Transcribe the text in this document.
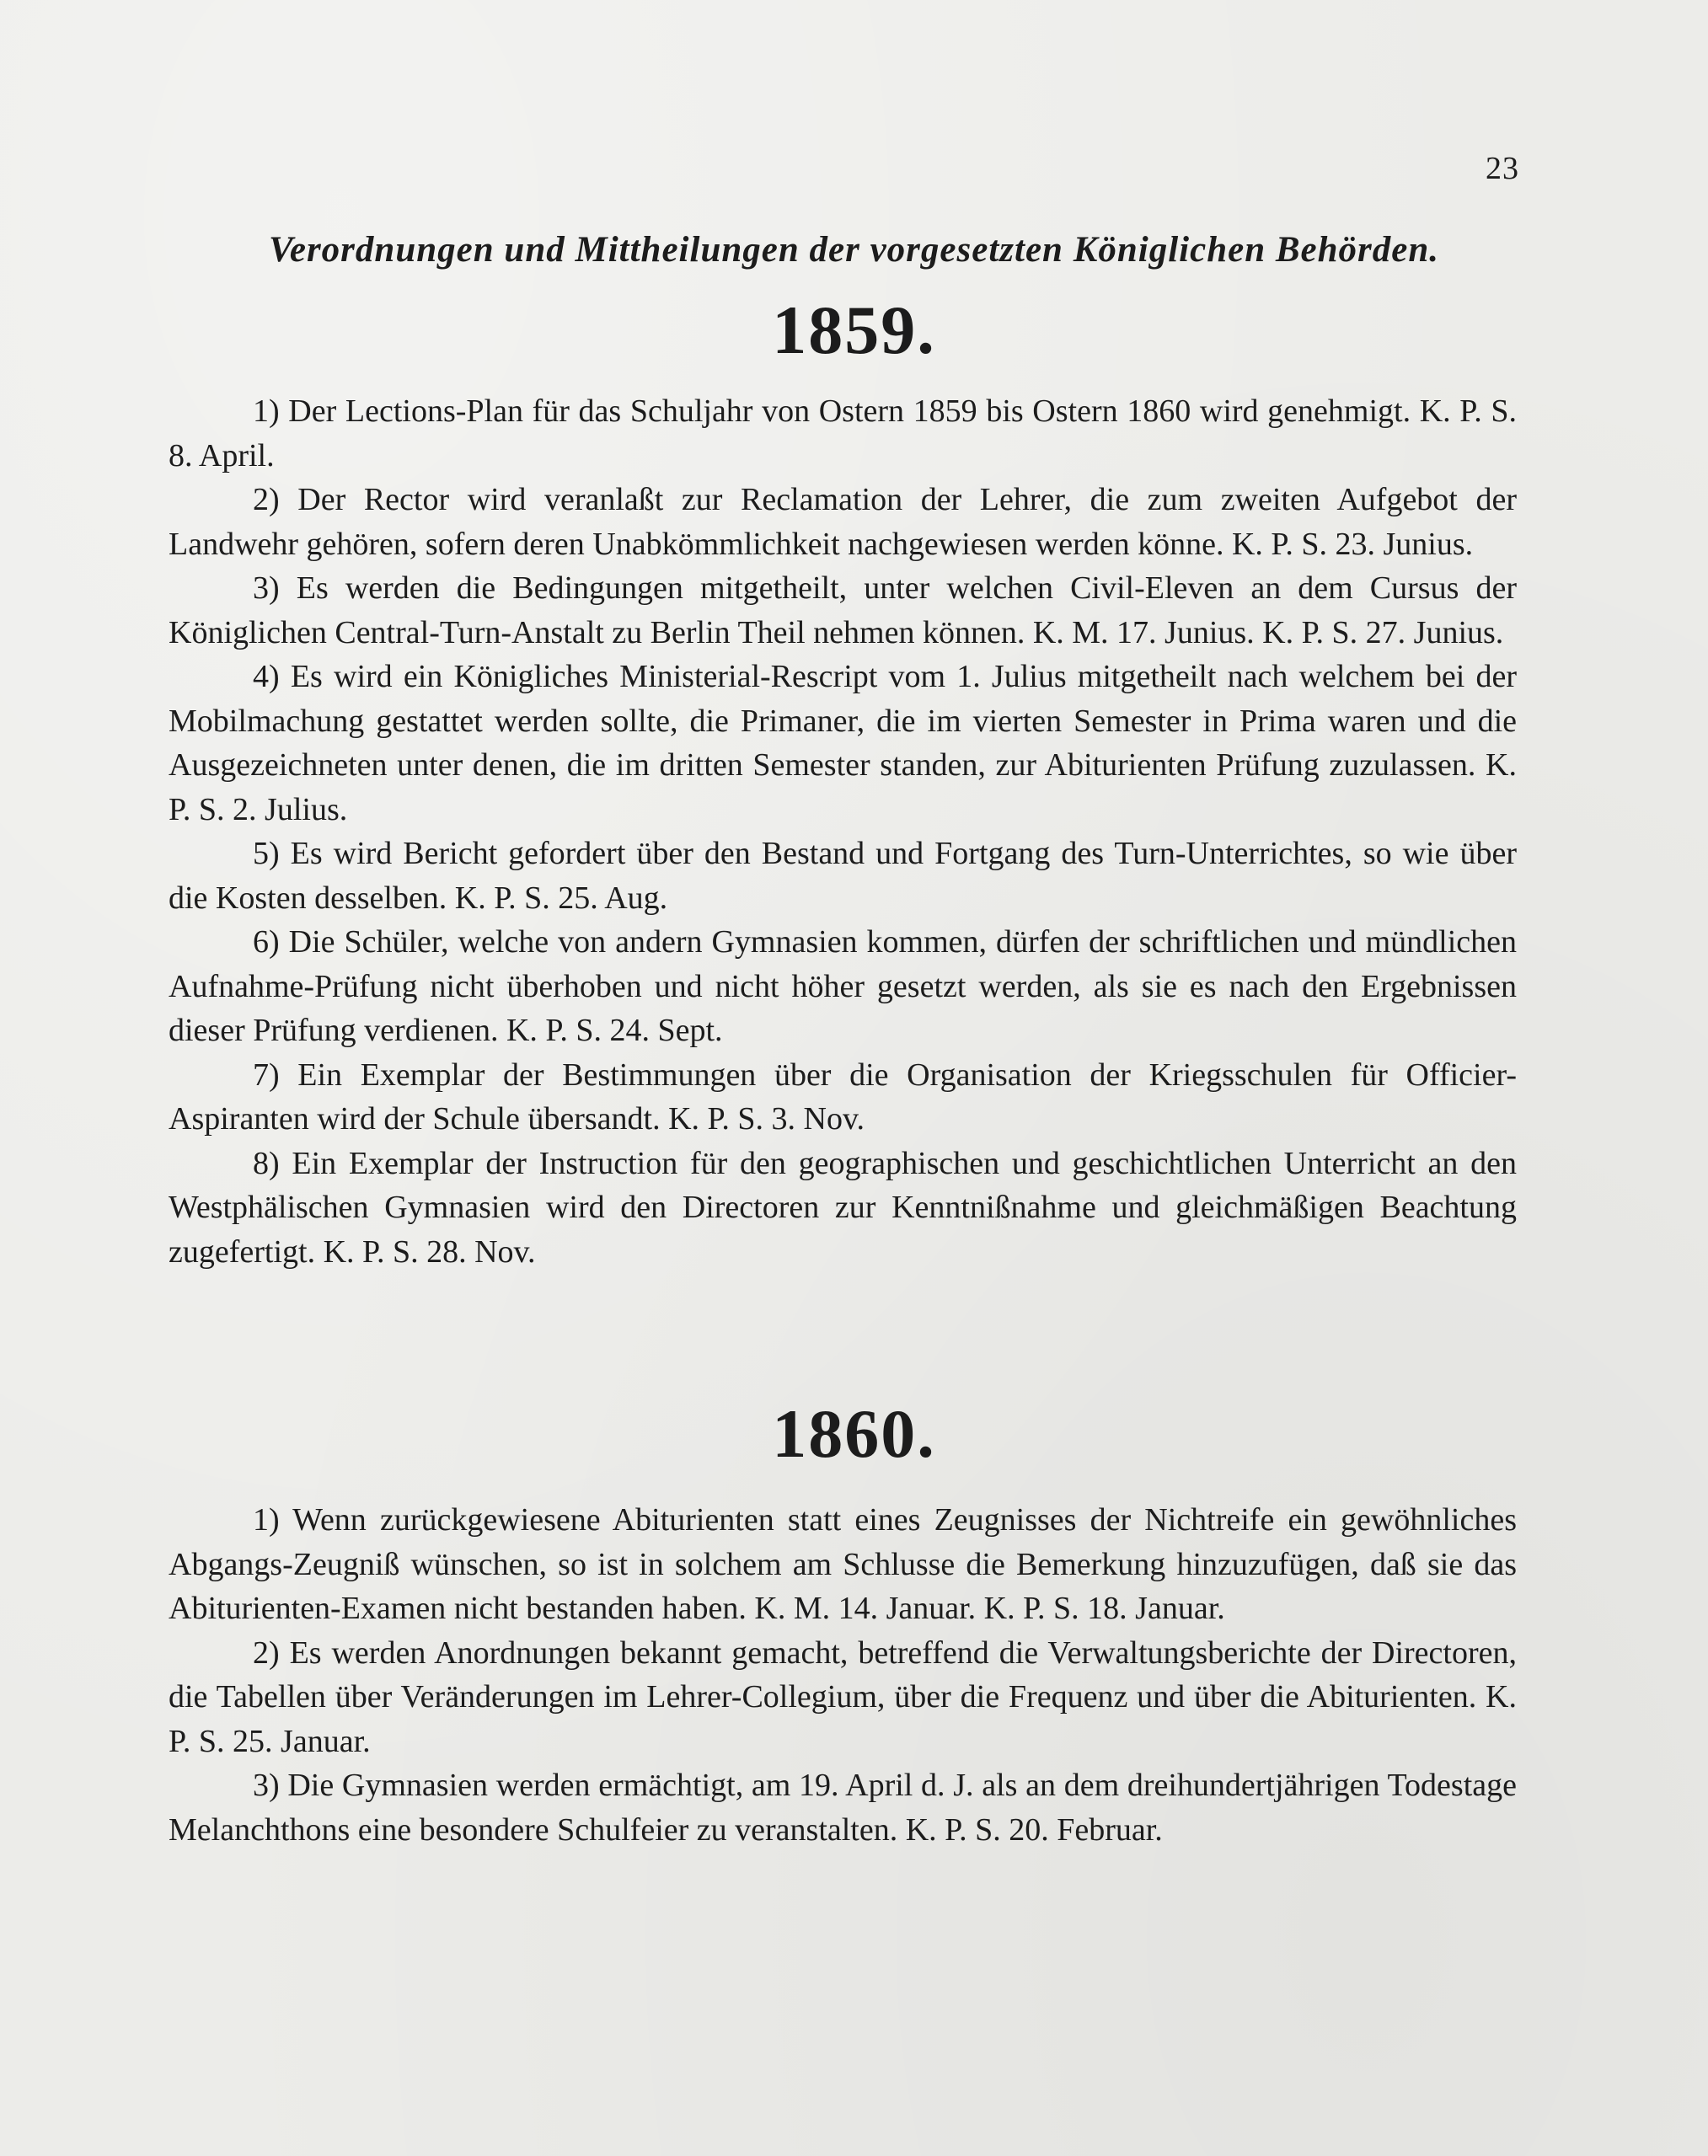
23
Verordnungen und Mittheilungen der vorgesetzten Königlichen Behörden.
1859.

1) Der Lections-Plan für das Schuljahr von Ostern 1859 bis Ostern 1860 wird genehmigt. K. P. S. 8. April.

2) Der Rector wird veranlaßt zur Reclamation der Lehrer, die zum zweiten Aufgebot der Landwehr gehören, sofern deren Unabkömmlichkeit nachgewiesen werden könne. K. P. S. 23. Junius.

3) Es werden die Bedingungen mitgetheilt, unter welchen Civil-Eleven an dem Cursus der Königlichen Central-Turn-Anstalt zu Berlin Theil nehmen können. K. M. 17. Junius. K. P. S. 27. Junius.

4) Es wird ein Königliches Ministerial-Rescript vom 1. Julius mitgetheilt nach welchem bei der Mobilmachung gestattet werden sollte, die Primaner, die im vierten Semester in Prima waren und die Ausgezeichneten unter denen, die im dritten Semester standen, zur Abiturienten Prüfung zuzulassen. K. P. S. 2. Julius.

5) Es wird Bericht gefordert über den Bestand und Fortgang des Turn-Unterrichtes, so wie über die Kosten desselben. K. P. S. 25. Aug.

6) Die Schüler, welche von andern Gymnasien kommen, dürfen der schriftlichen und mündlichen Aufnahme-Prüfung nicht überhoben und nicht höher gesetzt werden, als sie es nach den Ergebnissen dieser Prüfung verdienen. K. P. S. 24. Sept.

7) Ein Exemplar der Bestimmungen über die Organisation der Kriegsschulen für Officier-Aspiranten wird der Schule übersandt. K. P. S. 3. Nov.

8) Ein Exemplar der Instruction für den geographischen und geschichtlichen Unterricht an den Westphälischen Gymnasien wird den Directoren zur Kenntnißnahme und gleichmäßigen Beachtung zugefertigt. K. P. S. 28. Nov.

1860.

1) Wenn zurückgewiesene Abiturienten statt eines Zeugnisses der Nichtreife ein gewöhnliches Abgangs-Zeugniß wünschen, so ist in solchem am Schlusse die Bemerkung hinzuzufügen, daß sie das Abiturienten-Examen nicht bestanden haben. K. M. 14. Januar. K. P. S. 18. Januar.

2) Es werden Anordnungen bekannt gemacht, betreffend die Verwaltungsberichte der Directoren, die Tabellen über Veränderungen im Lehrer-Collegium, über die Frequenz und über die Abiturienten. K. P. S. 25. Januar.

3) Die Gymnasien werden ermächtigt, am 19. April d. J. als an dem dreihundertjährigen Todestage Melanchthons eine besondere Schulfeier zu veranstalten. K. P. S. 20. Februar.
